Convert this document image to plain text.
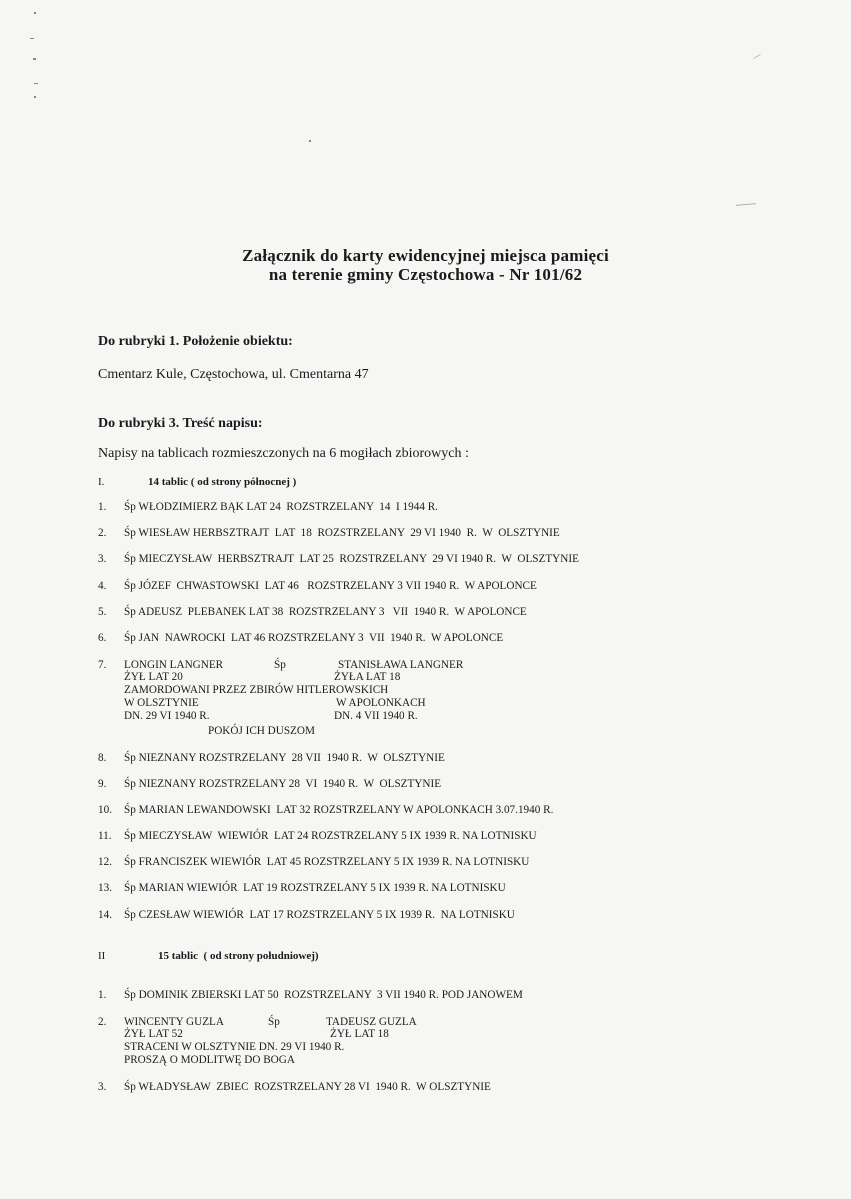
Załącznik do karty ewidencyjnej miejsca pamięci
na terenie gminy Częstochowa - Nr 101/62
Do rubryki 1. Położenie obiektu:
Cmentarz Kule, Częstochowa, ul. Cmentarna 47
Do rubryki 3. Treść napisu:
Napisy na tablicach rozmieszczonych na 6 mogiłach zbiorowych :

I.

	14 tablic ( od strony północnej )

1.

Śp WŁODZIMIERZ BĄK LAT 24  ROZSTRZELANY  14  I 1944 R.

2.

Śp WIESŁAW HERBSZTRAJT  LAT  18  ROZSTRZELANY  29 VI 1940  R.  W  OLSZTYNIE

3.

Śp MIECZYSŁAW  HERBSZTRAJT  LAT 25  ROZSTRZELANY  29 VI 1940 R.  W  OLSZTYNIE

4.

Śp JÓZEF  CHWASTOWSKI  LAT 46   ROZSTRZELANY 3 VII 1940 R.  W APOLONCE

5.

Śp ADEUSZ  PLEBANEK LAT 38  ROZSTRZELANY 3   VII  1940 R.  W APOLONCE

6.

Śp JAN  NAWROCKI  LAT 46 ROZSTRZELANY 3  VII  1940 R.  W APOLONCE

7.

LONGIN LANGNER

	Śp

	STANISŁAWA LANGNER

ŻYŁ LAT 20

	ŻYŁA LAT 18

ZAMORDOWANI PRZEZ ZBIRÓW HITLEROWSKICH

W OLSZTYNIE

	W APOLONKACH

DN. 29 VI 1940 R.

	DN. 4 VII 1940 R.

POKÓJ ICH DUSZOM

8.

Śp NIEZNANY ROZSTRZELANY  28 VII  1940 R.  W  OLSZTYNIE

9.

Śp NIEZNANY ROZSTRZELANY 28  VI  1940 R.  W  OLSZTYNIE

10.

Śp MARIAN LEWANDOWSKI  LAT 32 ROZSTRZELANY W APOLONKACH 3.07.1940 R.

11.

Śp MIECZYSŁAW  WIEWIÓR  LAT 24 ROZSTRZELANY 5 IX 1939 R. NA LOTNISKU

12.

Śp FRANCISZEK WIEWIÓR  LAT 45 ROZSTRZELANY 5 IX 1939 R. NA LOTNISKU

13.

Śp MARIAN WIEWIÓR  LAT 19 ROZSTRZELANY 5 IX 1939 R. NA LOTNISKU

14.

Śp CZESŁAW WIEWIÓR  LAT 17 ROZSTRZELANY 5 IX 1939 R.  NA LOTNISKU

II

	15 tablic  ( od strony południowej)

1.

Śp DOMINIK ZBIERSKI LAT 50  ROZSTRZELANY  3 VII 1940 R. POD JANOWEM

2.

WINCENTY GUZLA

	Śp

	TADEUSZ GUZLA

ŻYŁ LAT 52

	ŻYŁ LAT 18

STRACENI W OLSZTYNIE DN. 29 VI 1940 R.

PROSZĄ O MODLITWĘ DO BOGA

3.

Śp WŁADYSŁAW  ZBIEC  ROZSTRZELANY 28 VI  1940 R.  W OLSZTYNIE
